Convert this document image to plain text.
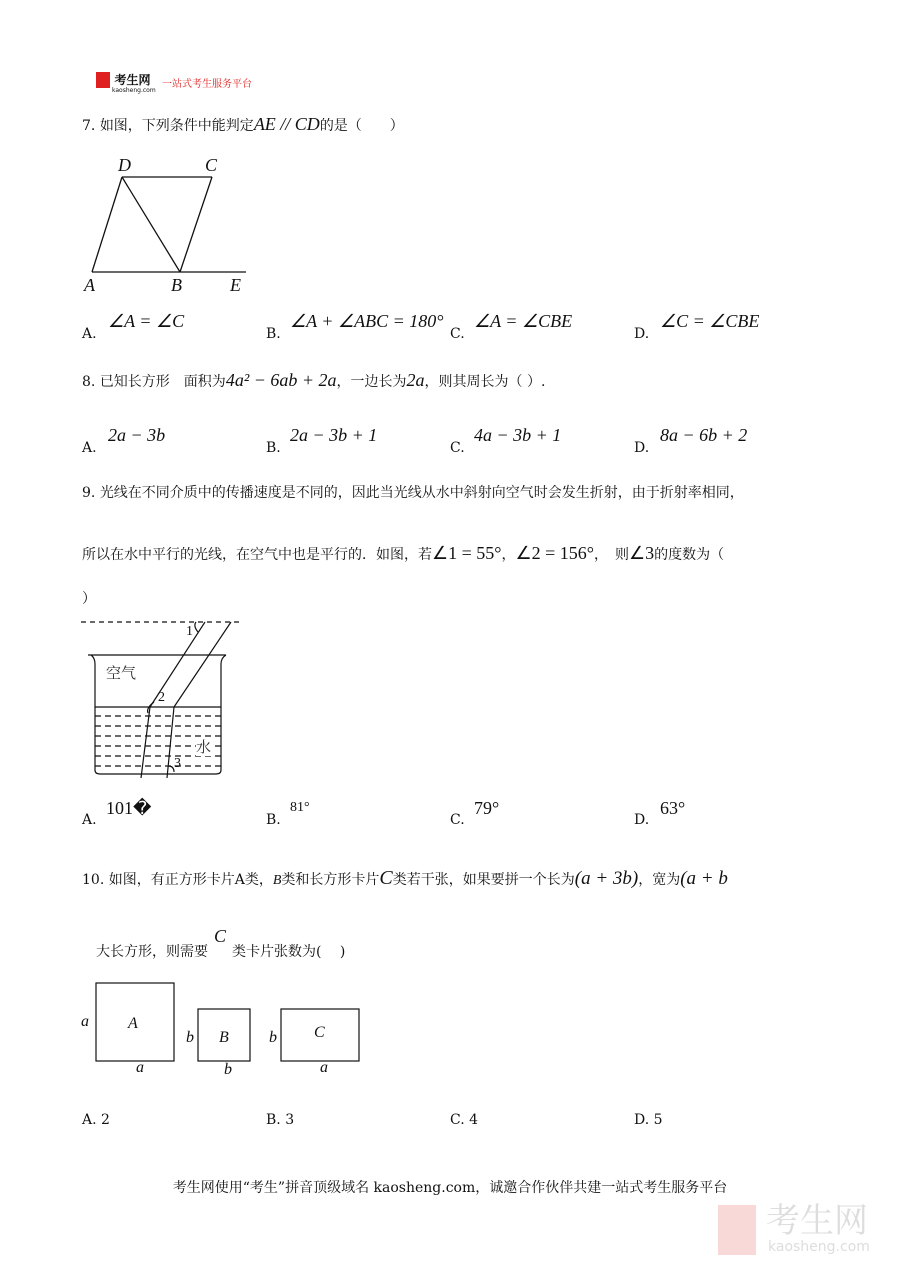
考生网
kaosheng.com
一站式考生服务平台
7. 如图，下列条件中能判定AE // CD的是（　　）
D	C
A	B	E
A.
∠A = ∠C
B.
∠A + ∠ABC = 180°
C.
∠A = ∠CBE
D.
∠C = ∠CBE
8. 已知长方形　面积为4a² − 6ab + 2a，一边长为2a，则其周长为（ ）.
A.
2a − 3b
B.
2a − 3b + 1
C.
4a − 3b + 1
D.
8a − 6b + 2
9. 光线在不同介质中的传播速度是不同的，因此当光线从水中斜射向空气时会发生折射，由于折射率相同，
所以在水中平行的光线，在空气中也是平行的．如图，若∠1 = 55°，∠2 = 156°，　则∠3的度数为（
）
1
2
3
空气
水
A.
101�
B.
81°
C.
79°
D.
63°
10. 如图，有正方形卡片A类，B类和长方形卡片C类若干张，如果要拼一个长为(a + 3b)，宽为(a + b
大长方形，则需要C类卡片张数为(　 )
A
B	C
a
a
b
b
b
a
A. 2	B. 3	C. 4	D. 5
考生网使用“考生”拼音顶级域名 kaosheng.com，诚邀合作伙伴共建一站式考生服务平台
考生网
kaosheng.com
